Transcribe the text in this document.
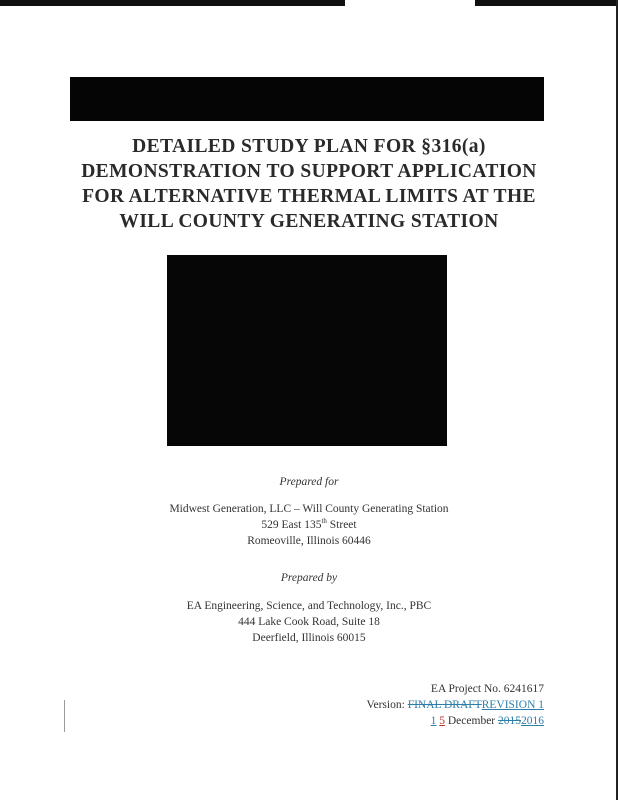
DETAILED STUDY PLAN FOR §316(a)
DEMONSTRATION TO SUPPORT APPLICATION
FOR ALTERNATIVE THERMAL LIMITS AT THE
WILL COUNTY GENERATING STATION
Prepared for
Midwest Generation, LLC – Will County Generating Station
529 East 135th Street
Romeoville, Illinois 60446
Prepared by
EA Engineering, Science, and Technology, Inc., PBC
444 Lake Cook Road, Suite 18
Deerfield, Illinois 60015
EA Project No. 6241617
Version: FINAL DRAFTREVISION 1
1 5 December 20152016
